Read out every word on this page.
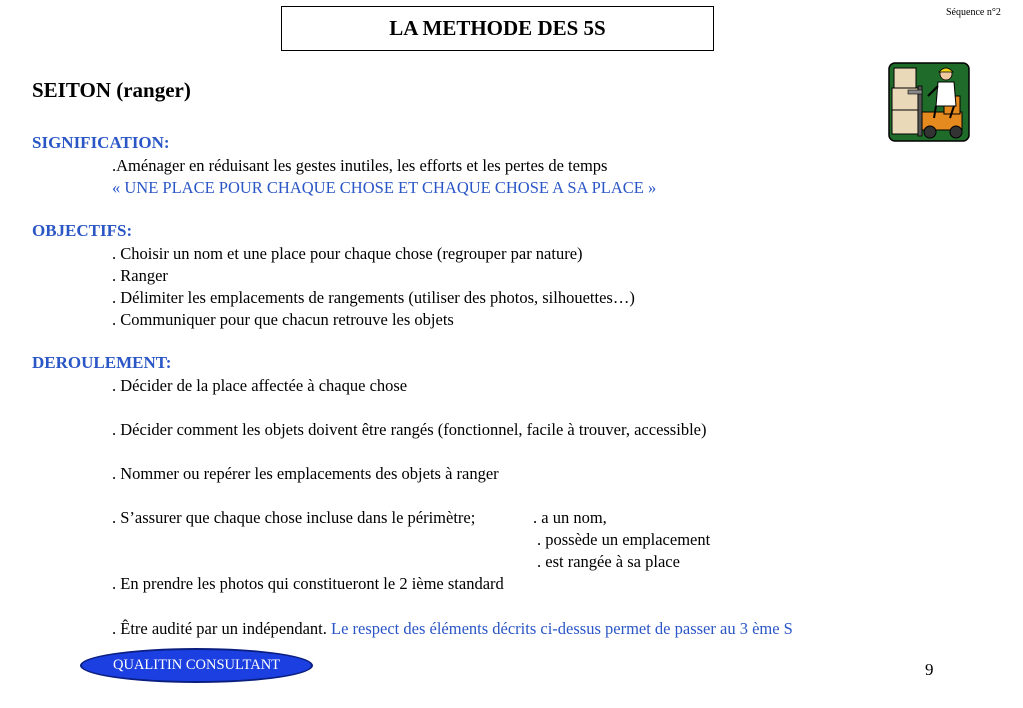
Séquence n°2
LA METHODE DES 5S
SEITON (ranger)
SIGNIFICATION:
.Aménager en réduisant les gestes inutiles, les efforts et les pertes de temps
« UNE PLACE POUR CHAQUE CHOSE ET CHAQUE CHOSE A SA PLACE »
OBJECTIFS:
. Choisir un nom et une place pour chaque chose (regrouper par nature)
. Ranger
. Délimiter les emplacements de rangements (utiliser des photos, silhouettes…)
. Communiquer pour que chacun retrouve les objets
DEROULEMENT:
. Décider de la place affectée à chaque chose
. Décider comment les objets doivent être rangés (fonctionnel, facile à trouver, accessible)
. Nommer ou repérer les emplacements des objets à ranger
. S’assurer que chaque chose incluse dans le périmètre;	. a un nom,
. possède un emplacement
. est rangée à sa place
. En prendre les photos qui constitueront le 2 ième standard
. Être audité par un indépendant. Le respect des éléments décrits ci-dessus permet de passer au 3 ème S
QUALITIN CONSULTANT	9
